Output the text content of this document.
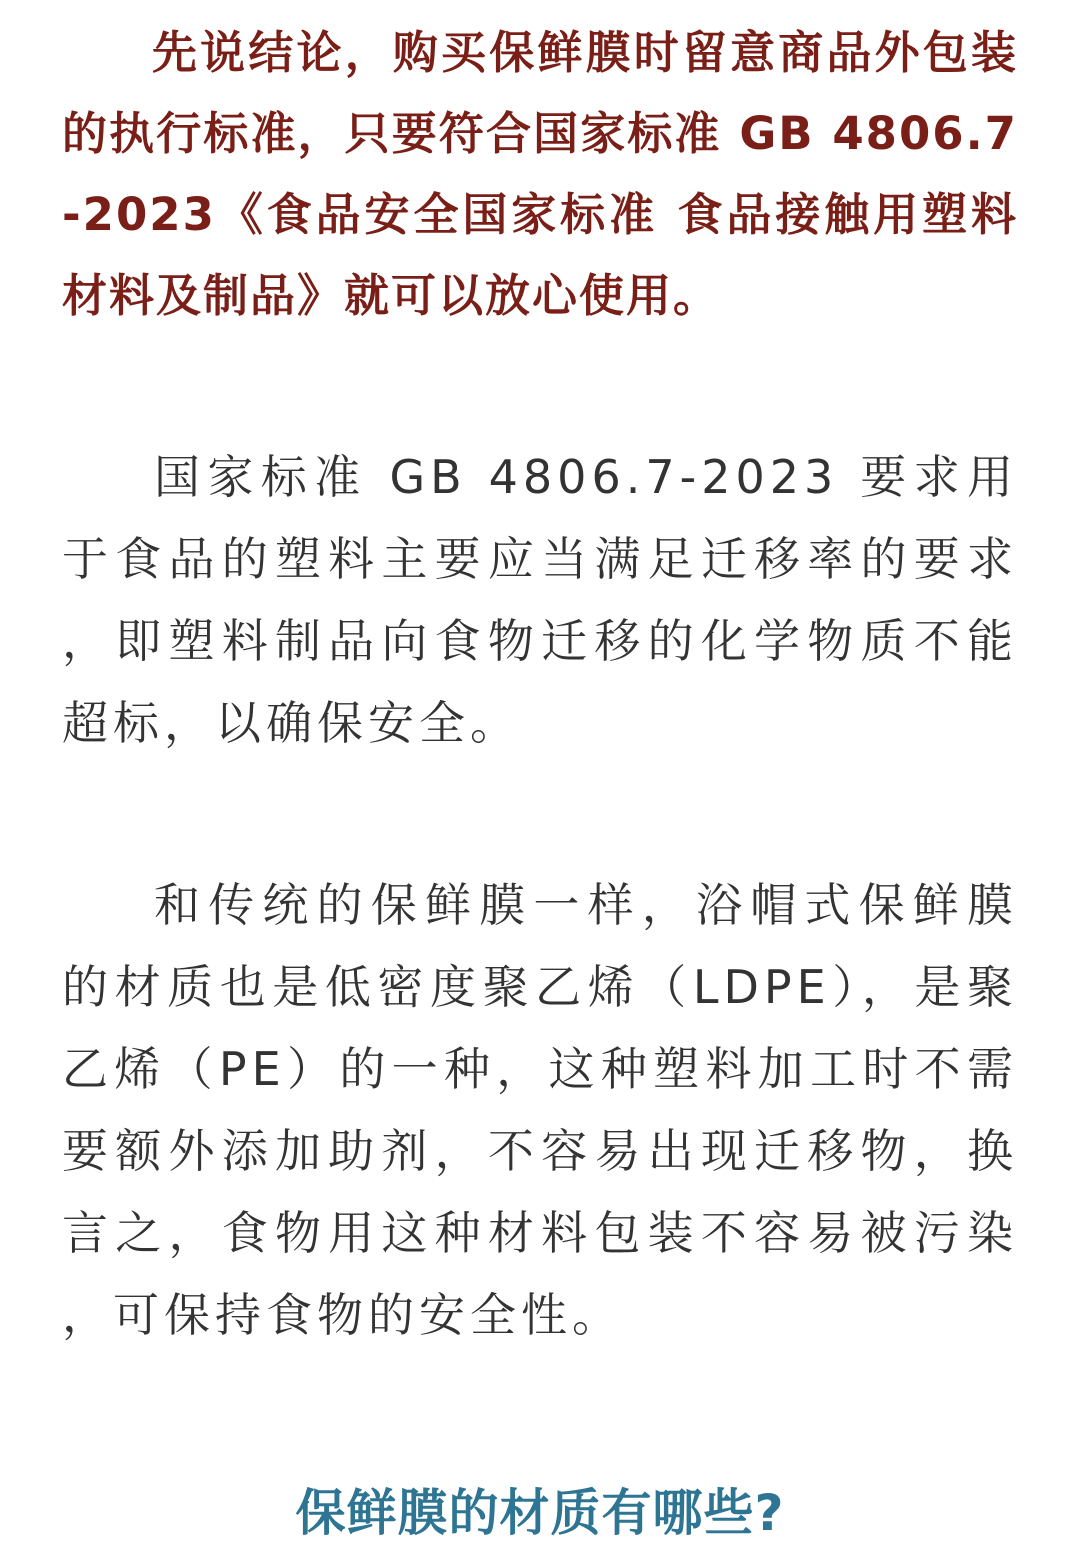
先说结论，购买保鲜膜时留意商品外包装的执行标准，只要符合国家标准 GB 4806.7-2023《食品安全国家标准 食品接触用塑料材料及制品》就可以放心使用。

国家标准 GB 4806.7-2023 要求用于食品的塑料主要应当满足迁移率的要求，即塑料制品向食物迁移的化学物质不能超标，以确保安全。

和传统的保鲜膜一样，浴帽式保鲜膜的材质也是低密度聚乙烯（LDPE），是聚乙烯（PE）的一种，这种塑料加工时不需要额外添加助剂，不容易出现迁移物，换言之，食物用这种材料包装不容易被污染，可保持食物的安全性。

保鲜膜的材质有哪些?
